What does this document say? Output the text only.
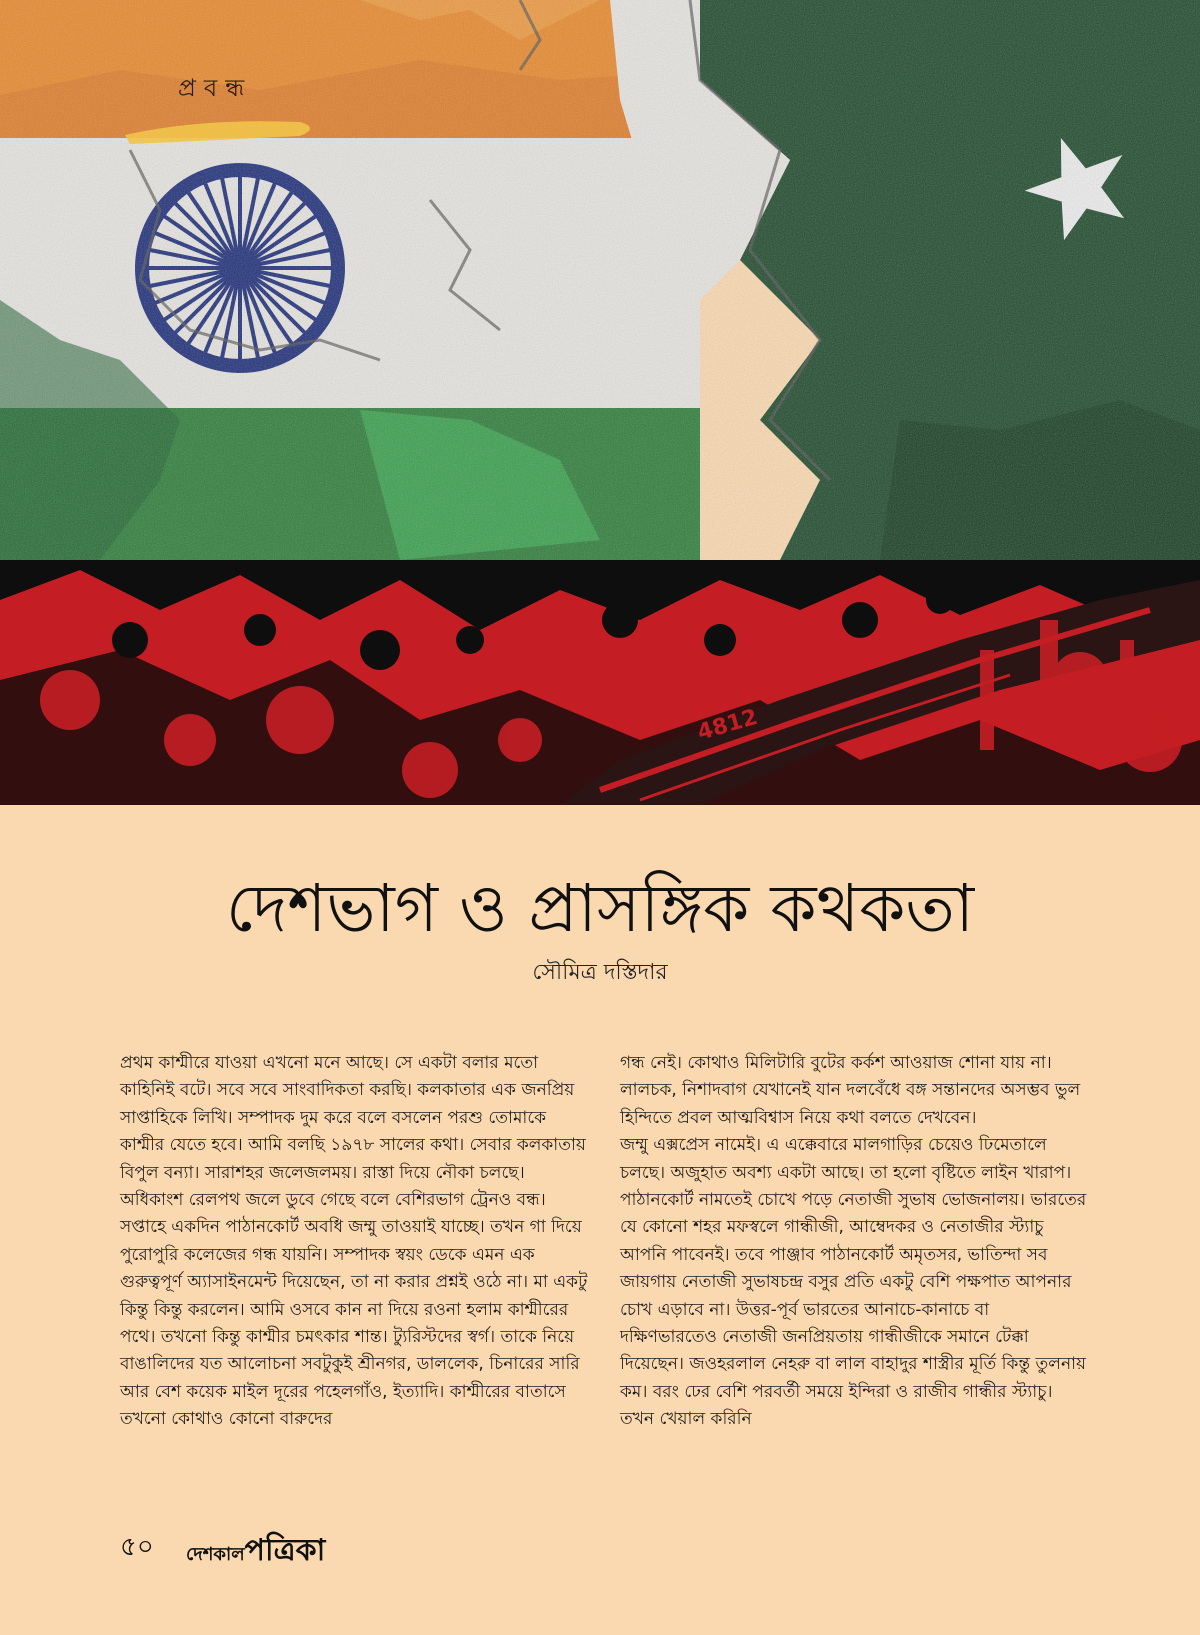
4812
প্রবন্ধ
দেশভাগ ও প্রাসঙ্গিক কথকতা
সৌমিত্র দস্তিদার

প্রথম কাশ্মীরে যাওয়া এখনো মনে আছে। সে একটা বলার মতো কাহিনিই বটে। সবে সবে সাংবাদিকতা করছি। কলকাতার এক জনপ্রিয় সাপ্তাহিকে লিখি। সম্পাদক দুম করে বলে বসলেন পরশু তোমাকে কাশ্মীর যেতে হবে। আমি বলছি ১৯৭৮ সালের কথা। সেবার কলকাতায় বিপুল বন্যা। সারাশহর জলেজলময়। রাস্তা দিয়ে নৌকা চলছে। অধিকাংশ রেলপথ জলে ডুবে গেছে বলে বেশিরভাগ ট্রেনও বন্ধ। সপ্তাহে একদিন পাঠানকোর্ট অবধি জম্মু তাওয়াই যাচ্ছে। তখন গা দিয়ে পুরোপুরি কলেজের গন্ধ যায়নি। সম্পাদক স্বয়ং ডেকে এমন এক গুরুত্বপূর্ণ অ্যাসাইনমেন্ট দিয়েছেন, তা না করার প্রশ্নই ওঠে না। মা একটু কিন্তু কিন্তু করলেন। আমি ওসবে কান না দিয়ে রওনা হলাম কাশ্মীরের পথে। তখনো কিন্তু কাশ্মীর চমৎকার শান্ত। ট্যুরিস্টদের স্বর্গ। তাকে নিয়ে বাঙালিদের যত আলোচনা সবটুকুই শ্রীনগর, ডাললেক, চিনারের সারি আর বেশ কয়েক মাইল দূরের পহেলগাঁও, ইত্যাদি। কাশ্মীরের বাতাসে তখনো কোথাও কোনো বারুদের

গন্ধ নেই। কোথাও মিলিটারি বুটের কর্কশ আওয়াজ শোনা যায় না। লালচক, নিশাদবাগ যেখানেই যান দলবেঁধে বঙ্গ সন্তানদের অসম্ভব ভুল হিন্দিতে প্রবল আত্মবিশ্বাস নিয়ে কথা বলতে দেখবেন।

জম্মু এক্সপ্রেস নামেই। এ এক্কেবারে মালগাড়ির চেয়েও ঢিমেতালে চলছে। অজুহাত অবশ্য একটা আছে। তা হলো বৃষ্টিতে লাইন খারাপ। পাঠানকোর্ট নামতেই চোখে পড়ে নেতাজী সুভাষ ভোজনালয়। ভারতের যে কোনো শহর মফস্বলে গান্ধীজী, আম্বেদকর ও নেতাজীর স্ট্যাচু আপনি পাবেনই। তবে পাঞ্জাব পাঠানকোর্ট অমৃতসর, ভাতিন্দা সব জায়গায় নেতাজী সুভাষচন্দ্র বসুর প্রতি একটু বেশি পক্ষপাত আপনার চোখ এড়াবে না। উত্তর-পূর্ব ভারতের আনাচে-কানাচে বা দক্ষিণভারতেও নেতাজী জনপ্রিয়তায় গান্ধীজীকে সমানে টেক্কা দিয়েছেন। জওহরলাল নেহরু বা লাল বাহাদুর শাস্ত্রীর মূর্তি কিন্তু তুলনায় কম। বরং ঢের বেশি পরবর্তী সময়ে ইন্দিরা ও রাজীব গান্ধীর স্ট্যাচু। তখন খেয়াল করিনি

৫০ দেশকালপত্রিকা
